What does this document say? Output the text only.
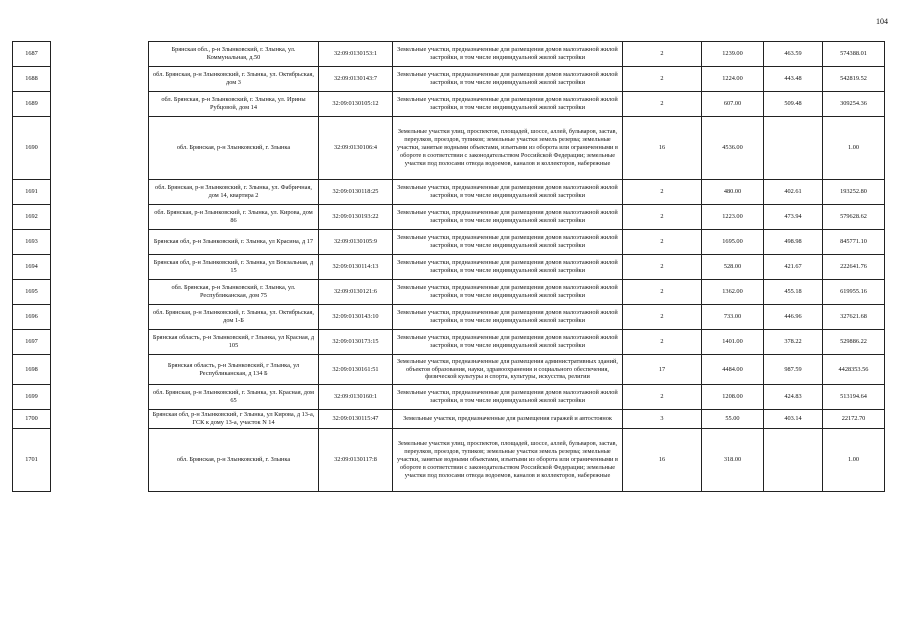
104
1687		Брянская обл., р-н Злынковский, г. Злынка, ул. Коммунальная, д.50	32:09:0130153:1	Земельные участки, предназначенные для размещения домов малоэтажной жилой застройки, в том числе индивидуальной жилой застройки	2	1239.00	463.59	574388.01
1688		обл. Брянская, р-н Злынковский, г. Злынка, ул. Октябрьская, дом 3	32:09:0130143:7	Земельные участки, предназначенные для размещения домов малоэтажной жилой застройки, в том числе индивидуальной жилой застройки	2	1224.00	443.48	542819.52
1689		обл. Брянская, р-н Злынковский, г. Злынка, ул. Ирины Рубцовой, дом 14	32:09:0130105:12	Земельные участки, предназначенные для размещения домов малоэтажной жилой застройки, в том числе индивидуальной жилой застройки	2	607.00	509.48	309254.36
1690		обл. Брянская, р-н Злынковский, г. Злынка	32:09:0130106:4	Земельные участки улиц, проспектов, площадей, шоссе, аллей, бульваров, застав, переулков, проездов, тупиков; земельные участки земель резерва; земельные участки, занятые водными объектами, изъятыми из оборота или ограниченными в обороте в соответствии с законодательством Российской Федерации; земельные участки под полосами отвода водоемов, каналов и коллекторов, набережные	16	4536.00		1.00
1691		обл. Брянская, р-н Злынковский, г. Злынка, ул. Фабричная, дом 14, квартира 2	32:09:0130118:25	Земельные участки, предназначенные для размещения домов малоэтажной жилой застройки, в том числе индивидуальной жилой застройки	2	480.00	402.61	193252.80
1692		обл. Брянская, р-н Злынковский, г. Злынка, ул. Кирова, дом 86	32:09:0130193:22	Земельные участки, предназначенные для размещения домов малоэтажной жилой застройки, в том числе индивидуальной жилой застройки	2	1223.00	473.94	579628.62
1693		Брянская обл, р-н Злынковский, г. Злынка, ул Красина, д 17	32:09:0130105:9	Земельные участки, предназначенные для размещения домов малоэтажной жилой застройки, в том числе индивидуальной жилой застройки	2	1695.00	498.98	845771.10
1694		Брянская обл, р-н Злынковский, г. Злынка, ул Вокзальная, д 15	32:09:0130114:13	Земельные участки, предназначенные для размещения домов малоэтажной жилой застройки, в том числе индивидуальной жилой застройки	2	528.00	421.67	222641.76
1695		обл. Брянская, р-н Злынковский, г. Злынка, ул. Республиканская, дом 75	32:09:0130121:6	Земельные участки, предназначенные для размещения домов малоэтажной жилой застройки, в том числе индивидуальной жилой застройки	2	1362.00	455.18	619955.16
1696		обл. Брянская, р-н Злынковский, г. Злынка, ул. Октябрьская, дом 1-Б	32:09:0130143:10	Земельные участки, предназначенные для размещения домов малоэтажной жилой застройки, в том числе индивидуальной жилой застройки	2	733.00	446.96	327621.68
1697		Брянская область, р-н Злынковский, г Злынка, ул Красная, д 105	32:09:0130173:15	Земельные участки, предназначенные для размещения домов малоэтажной жилой застройки, в том числе индивидуальной жилой застройки	2	1401.00	378.22	529886.22
1698		Брянская область, р-н Злынковский, г Злынка, ул Республиканская, д 134 Б	32:09:0130161:51	Земельные участки, предназначенные для размещения административных зданий, объектов образования, науки, здравоохранения и социального обеспечения, физической культуры и спорта, культуры, искусства, религии	17	4484.00	987.59	4428353.56
1699		обл. Брянская, р-н Злынковский, г. Злынка, ул. Красная, дом 65	32:09:0130160:1	Земельные участки, предназначенные для размещения домов малоэтажной жилой застройки, в том числе индивидуальной жилой застройки	2	1208.00	424.83	513194.64
1700		Брянская обл, р-н Злынковский, г Злынка, ул Кирова, д 13-а, ГСК к дому 13-а, участок N 14	32:09:0130115:47	Земельные участки, предназначенные для размещения гаражей и автостоянок	3	55.00	403.14	22172.70
1701		обл. Брянская, р-н Злынковский, г. Злынка	32:09:0130117:8	Земельные участки улиц, проспектов, площадей, шоссе, аллей, бульваров, застав, переулков, проездов, тупиков; земельные участки земель резерва; земельные участки, занятые водными объектами, изъятыми из оборота или ограниченными в обороте в соответствии с законодательством Российской Федерации; земельные участки под полосами отвода водоемов, каналов и коллекторов, набережные	16	318.00		1.00
